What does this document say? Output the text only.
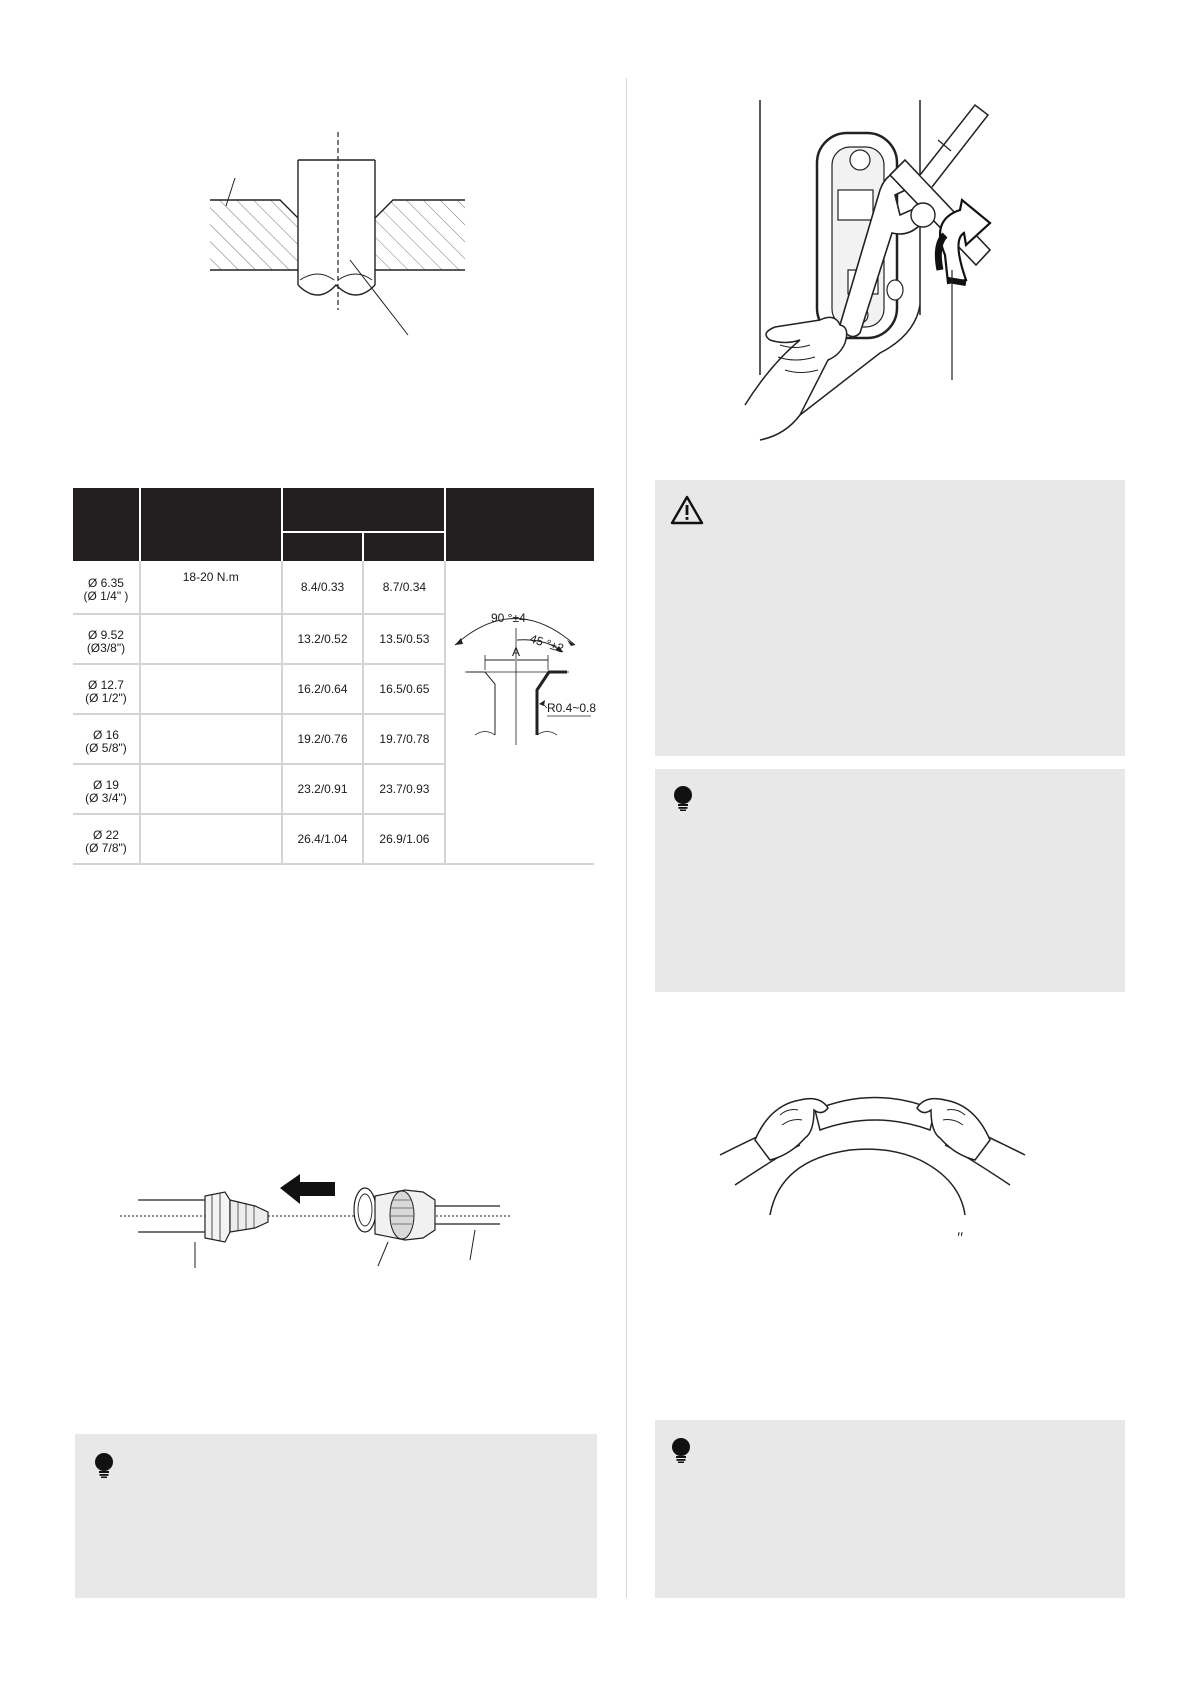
Ø 6.35
(Ø 1/4" )	18-20 N.m	8.4/0.33	8.7/0.34	

Ø 9.52
(Ø3/8")		13.2/0.52	13.5/0.53	

Ø 12.7
(Ø 1/2")		16.2/0.64	16.5/0.65	

Ø 16
(Ø 5/8")		19.2/0.76	19.7/0.78	

Ø 19
(Ø 3/4")		23.2/0.91	23.7/0.93	

Ø 22
(Ø 7/8")		26.4/1.04	26.9/1.06	
90 °±4
45 °±2
A
R0.4~0.8
″
